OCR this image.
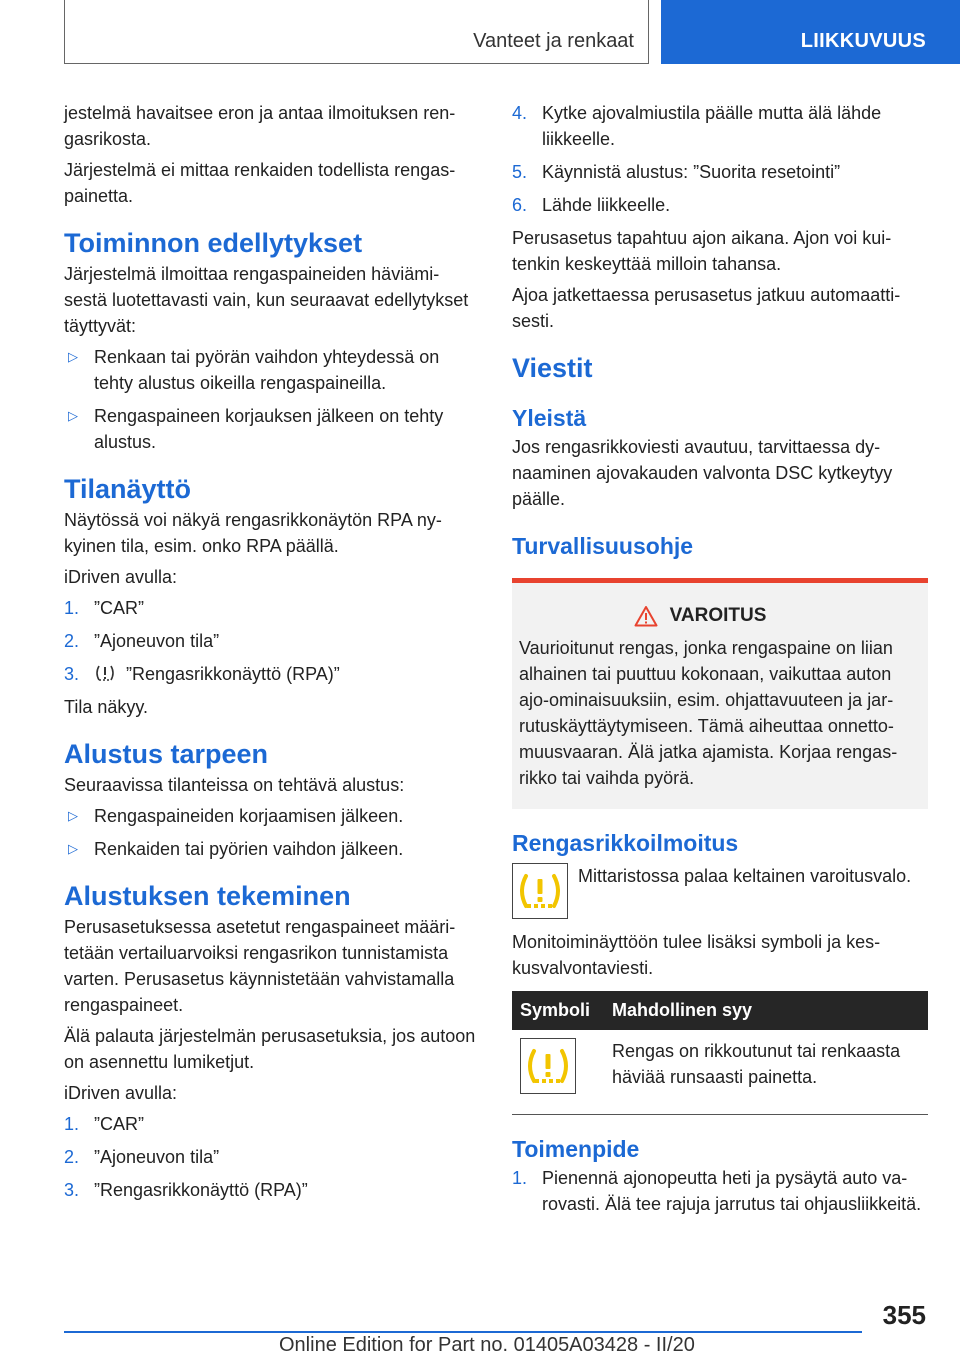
Vanteet ja renkaat	LIIKKUVUUS

jestelmä havaitsee eron ja antaa ilmoituksen rengasrikosta.

Järjestelmä ei mittaa renkaiden todellista rengaspainetta.

Toiminnon edellytykset

Järjestelmä ilmoittaa rengaspaineiden häviämisestä luotettavasti vain, kun seuraavat edellytykset täyttyvät:

▷ Renkaan tai pyörän vaihdon yhteydessä on tehty alustus oikeilla rengaspaineilla.
▷ Rengaspaineen korjauksen jälkeen on tehty alustus.
Tilanäyttö

Näytössä voi näkyä rengasrikkonäytön RPA nykyinen tila, esim. onko RPA päällä.

iDriven avulla:

1. ”CAR”
2. ”Ajoneuvon tila”
3.	”Rengasrikkonäyttö (RPA)”

Tila näkyy.

Alustus tarpeen

Seuraavissa tilanteissa on tehtävä alustus:

▷ Rengaspaineiden korjaamisen jälkeen.
▷ Renkaiden tai pyörien vaihdon jälkeen.
Alustuksen tekeminen

Perusasetuksessa asetetut rengaspaineet määritetään vertailuarvoiksi rengasrikon tunnistamista varten. Perusasetus käynnistetään vahvistamalla rengaspaineet.

Älä palauta järjestelmän perusasetuksia, jos autoon on asennettu lumiketjut.

iDriven avulla:

1. ”CAR”
2. ”Ajoneuvon tila”
3. ”Rengasrikkonäyttö (RPA)”
4. Kytke ajovalmiustila päälle mutta älä lähde liikkeelle.
5. Käynnistä alustus: ”Suorita resetointi”
6. Lähde liikkeelle.

Perusasetus tapahtuu ajon aikana. Ajon voi kuitenkin keskeyttää milloin tahansa.

Ajoa jatkettaessa perusasetus jatkuu automaattisesti.

Viestit
Yleistä

Jos rengasrikkoviesti avautuu, tarvittaessa dynaaminen ajovakauden valvonta DSC kytkeytyy päälle.

Turvallisuusohje
VAROITUS

Vaurioitunut rengas, jonka rengaspaine on liian alhainen tai puuttuu kokonaan, vaikuttaa auton ajo-ominaisuuksiin, esim. ohjattavuuteen ja jarrutuskäyttäytymiseen. Tämä aiheuttaa onnettomuusvaaran. Älä jatka ajamista. Korjaa rengasrikko tai vaihda pyörä.

Rengasrikkoilmoitus
Mittaristossa palaa keltainen varoitusvalo.

Monitoiminäyttöön tulee lisäksi symboli ja keskusvalvontaviesti.

Symboli	Mahdollinen syy

	Rengas on rikkoutunut tai renkaasta häviää runsaasti painetta.
Toimenpide
1. Pienennä ajonopeutta heti ja pysäytä auto varovasti. Älä tee rajuja jarrutus tai ohjausliikkeitä.
355
Online Edition for Part no. 01405A03428 - II/20
